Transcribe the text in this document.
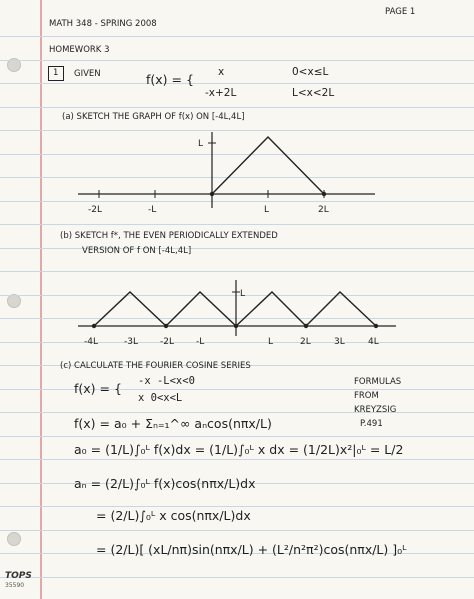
PAGE 1
MATH 348 - SPRING 2008
HOMEWORK 3
1 GIVEN	f(x) = { x	0<x≤L
-x+2L	L<x<2L
(a) SKETCH THE GRAPH OF f(x) ON [-4L,4L]
L
-2L	-L	L	2L
(b) SKETCH f*, THE EVEN PERIODICALLY EXTENDED
VERSION OF f ON [-4L,4L]
L
-4L	-3L -2L -L	L	2L	3L	4L
(c) CALCULATE THE FOURIER COSINE SERIES
f(x) = { -x -L<x<0
x 0<x<L
FORMULAS
FROM
KREYZSIG
P.491
f(x) = a₀ + Σₙ₌₁^∞ aₙcos(nπx/L)
a₀ = (1/L)∫₀ᴸ f(x)dx = (1/L)∫₀ᴸ x dx = (1/2L)x²|₀ᴸ = L/2
aₙ = (2/L)∫₀ᴸ f(x)cos(nπx/L)dx
= (2/L)∫₀ᴸ x cos(nπx/L)dx
= (2/L)[ (xL/nπ)sin(nπx/L) + (L²/n²π²)cos(nπx/L) ]₀ᴸ
TOPS
35590
